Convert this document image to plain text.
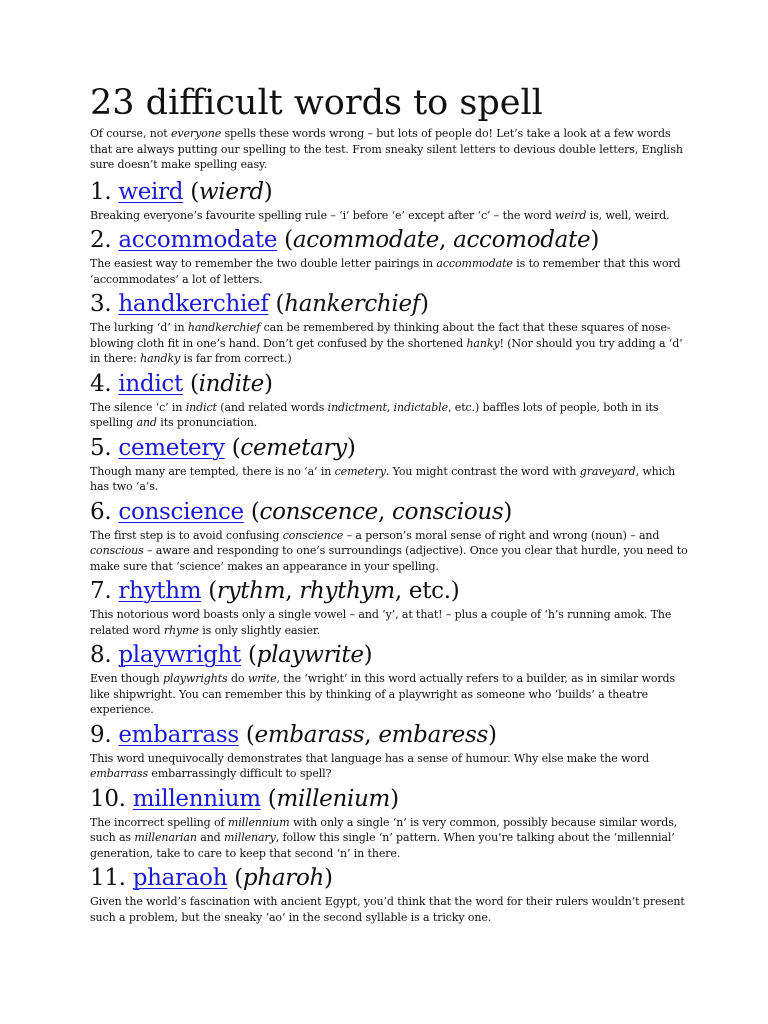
23 difficult words to spell

Of course, not everyone spells these words wrong – but lots of people do! Let’s take a look at a few words that are always putting our spelling to the test. From sneaky silent letters to devious double letters, English sure doesn’t make spelling easy.

1. weird (wierd)

Breaking everyone’s favourite spelling rule – ‘i’ before ‘e’ except after ‘c’ – the word weird is, well, weird.

2. accommodate (acommodate, accomodate)

The easiest way to remember the two double letter pairings in accommodate is to remember that this word ‘accommodates’ a lot of letters.

3. handkerchief (hankerchief)

The lurking ‘d’ in handkerchief can be remembered by thinking about the fact that these squares of nose-blowing cloth fit in one’s hand. Don’t get confused by the shortened hanky! (Nor should you try adding a ‘d’ in there: handky is far from correct.)

4. indict (indite)

The silence ‘c’ in indict (and related words indictment, indictable, etc.) baffles lots of people, both in its spelling and its pronunciation.

5. cemetery (cemetary)

Though many are tempted, there is no ‘a’ in cemetery. You might contrast the word with graveyard, which has two ‘a’s.

6. conscience (conscence, conscious)

The first step is to avoid confusing conscience – a person’s moral sense of right and wrong (noun) – and conscious – aware and responding to one’s surroundings (adjective). Once you clear that hurdle, you need to make sure that ‘science’ makes an appearance in your spelling.

7. rhythm (rythm, rhythym, etc.)

This notorious word boasts only a single vowel – and ‘y’, at that! – plus a couple of ‘h’s running amok. The related word rhyme is only slightly easier.

8. playwright (playwrite)

Even though playwrights do write, the ‘wright’ in this word actually refers to a builder, as in similar words like shipwright. You can remember this by thinking of a playwright as someone who ‘builds’ a theatre experience.

9. embarrass (embarass, embaress)

This word unequivocally demonstrates that language has a sense of humour. Why else make the word embarrass embarrassingly difficult to spell?

10. millennium (millenium)

The incorrect spelling of millennium with only a single ‘n’ is very common, possibly because similar words, such as millenarian and millenary, follow this single ‘n’ pattern. When you’re talking about the ‘millennial’ generation, take to care to keep that second ‘n’ in there.

11. pharaoh (pharoh)

Given the world’s fascination with ancient Egypt, you’d think that the word for their rulers wouldn’t present such a problem, but the sneaky ‘ao’ in the second syllable is a tricky one.
